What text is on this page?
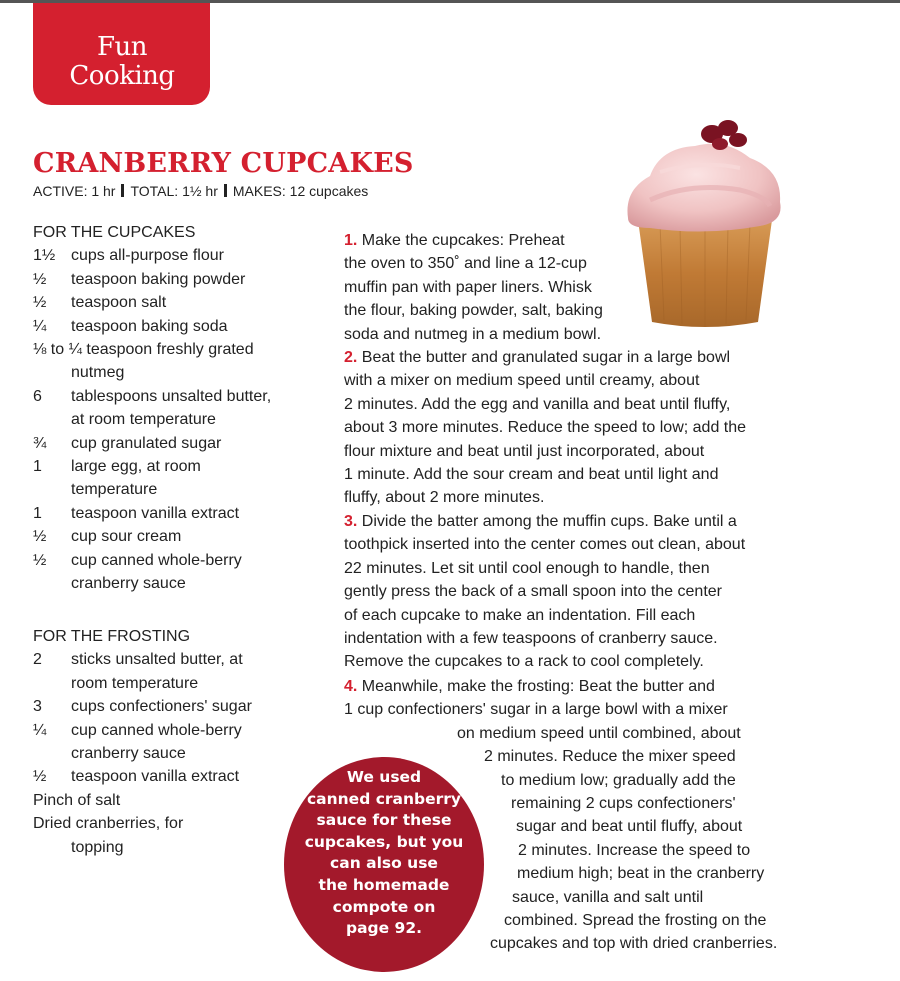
Fun
Cooking
CRANBERRY CUPCAKES
ACTIVE: 1 hr TOTAL: 1½ hr MAKES: 12 cupcakes
FOR THE CUPCAKES
1½ cups all-purpose flour
½	teaspoon baking powder
½	teaspoon salt
¼	teaspoon baking soda
⅛ to ¼ teaspoon freshly grated
nutmeg
6	tablespoons unsalted butter,
at room temperature
¾	cup granulated sugar
1	large egg, at room
temperature
1	teaspoon vanilla extract
½	cup sour cream
½	cup canned whole-berry
cranberry sauce
FOR THE FROSTING
2	sticks unsalted butter, at
room temperature
3	cups confectioners' sugar
¼	cup canned whole-berry
cranberry sauce
½	teaspoon vanilla extract
Pinch of salt
Dried cranberries, for
topping
1. Make the cupcakes: Preheat
the oven to 350˚ and line a 12-cup
muffin pan with paper liners. Whisk
the flour, baking powder, salt, baking
soda and nutmeg in a medium bowl.
2. Beat the butter and granulated sugar in a large bowl
with a mixer on medium speed until creamy, about
2 minutes. Add the egg and vanilla and beat until fluffy,
about 3 more minutes. Reduce the speed to low; add the
flour mixture and beat until just incorporated, about
1 minute. Add the sour cream and beat until light and
fluffy, about 2 more minutes.
3. Divide the batter among the muffin cups. Bake until a
toothpick inserted into the center comes out clean, about
22 minutes. Let sit until cool enough to handle, then
gently press the back of a small spoon into the center
of each cupcake to make an indentation. Fill each
indentation with a few teaspoons of cranberry sauce.
Remove the cupcakes to a rack to cool completely.
4. Meanwhile, make the frosting: Beat the butter and
1 cup confectioners' sugar in a large bowl with a mixer
on medium speed until combined, about
2 minutes. Reduce the mixer speed
to medium low; gradually add the
remaining 2 cups confectioners'
sugar and beat until fluffy, about
2 minutes. Increase the speed to
medium high; beat in the cranberry
sauce, vanilla and salt until
combined. Spread the frosting on the
cupcakes and top with dried cranberries.
We used
canned cranberry
sauce for these
cupcakes, but you
can also use
the homemade
compote on
page 92.
